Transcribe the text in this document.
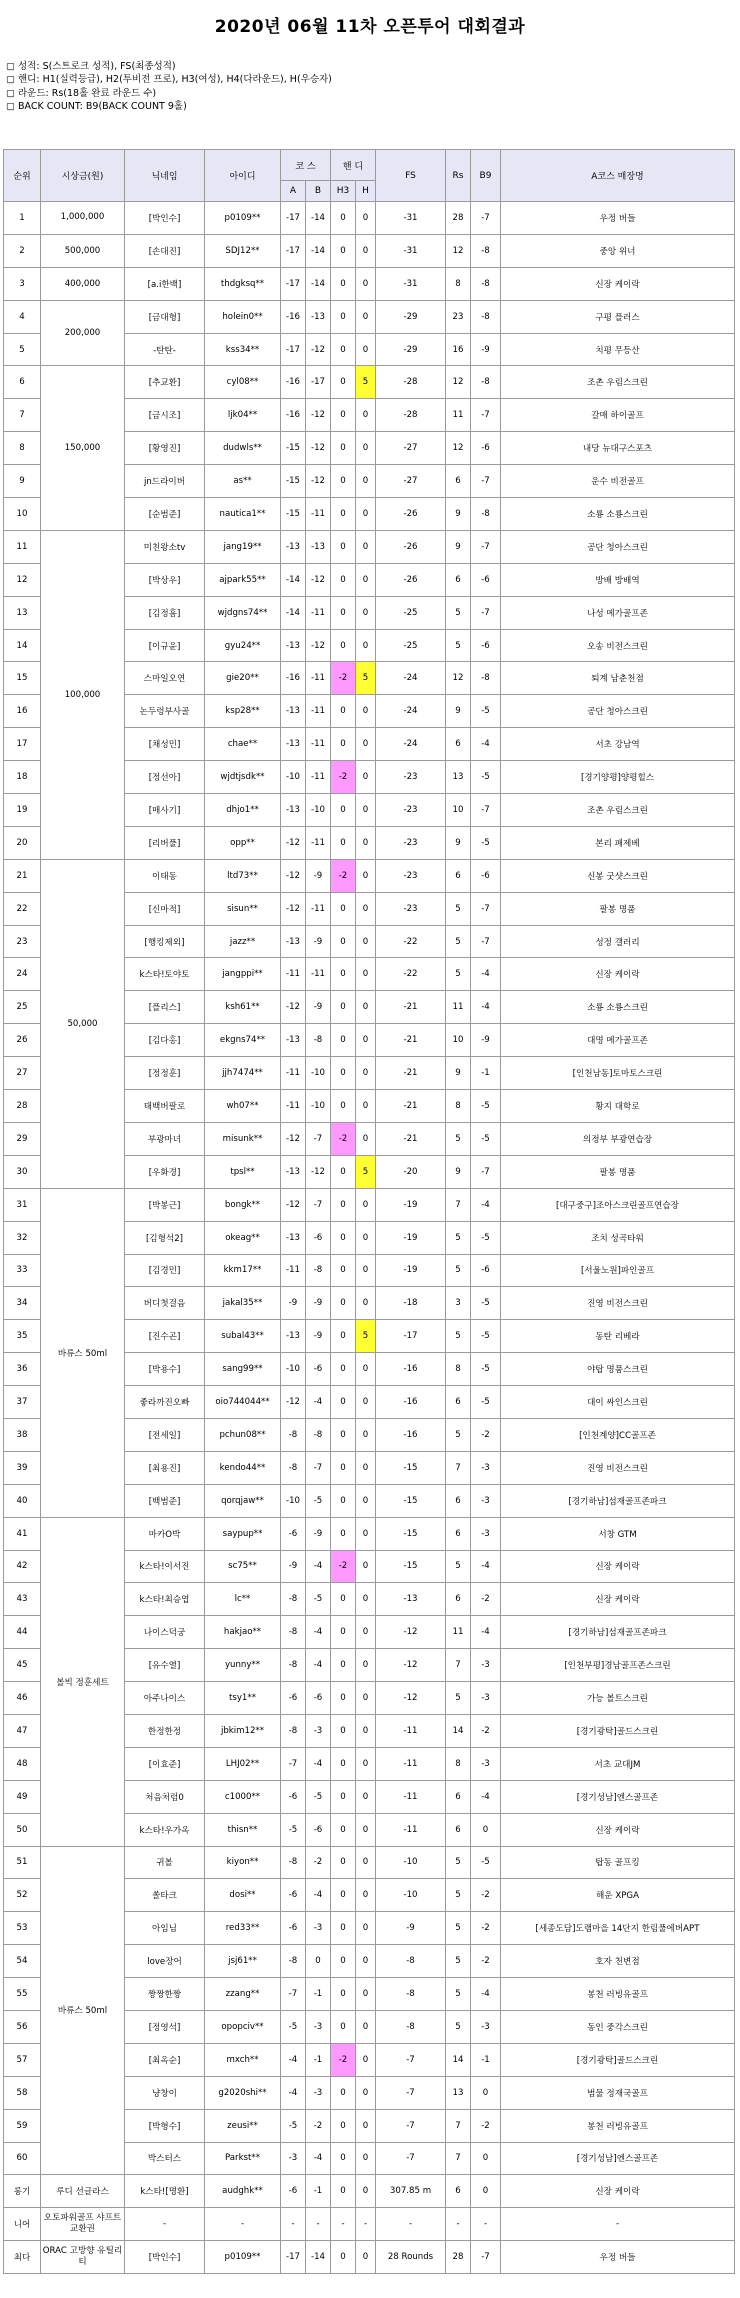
2020년 06월 11차 오픈투어 대회결과
▢ 성적: S(스트로크 성적), FS(최종성적)
▢ 핸디: H1(실력등급), H2(투비전 프로), H3(여성), H4(다라운드), H(우승자)
▢ 라운드: Rs(18홀 완료 라운드 수)
▢ BACK COUNT: B9(BACK COUNT 9홀)
순위	시상금(원)	닉네임	아이디	코 스		핸 디		FS	Rs	B9	A코스 매장명
				A	B	H3	H				
1	1,000,000	[박인수]	p0109**	-17	-14	0	0	-31	28	-7	우정 버들
2	500,000	[손대진]	SDJ12**	-17	-14	0	0	-31	12	-8	중앙 위너
3	400,000	[a.i한백]	thdgksq**	-17	-14	0	0	-31	8	-8	신장 케이락
4	200,000	[금대형]	holein0**	-16	-13	0	0	-29	23	-8	구평 플러스
5		-탄탄-	kss34**	-17	-12	0	0	-29	16	-9	치평 무등산
6	150,000	[추교환]	cyl08**	-16	-17	0	5	-28	12	-8	조촌 우림스크린
7		[금시조]	ljk04**	-16	-12	0	0	-28	11	-7	갈매 하이골프
8		[황영진]	dudwls**	-15	-12	0	0	-27	12	-6	내당 뉴대구스포츠
9		jn드라이버	as**	-15	-12	0	0	-27	6	-7	운수 비전골프
10		[순범준]	nautica1**	-15	-11	0	0	-26	9	-8	소룡 소룡스크린
11	100,000	미친왕소tv	jang19**	-13	-13	0	0	-26	9	-7	공단 청아스크린
12		[박상우]	ajpark55**	-14	-12	0	0	-26	6	-6	방배 방배역
13		[김정흠]	wjdgns74**	-14	-11	0	0	-25	5	-7	나성 메가골프존
14		[이규윤]	gyu24**	-13	-12	0	0	-25	5	-6	오송 비전스크린
15		스마일오연	gie20**	-16	-11	-2	5	-24	12	-8	퇴계 남춘천점
16		논두렁부사골	ksp28**	-13	-11	0	0	-24	9	-5	공단 청아스크린
17		[채성민]	chae**	-13	-11	0	0	-24	6	-4	서초 강남역
18		[정선아]	wjdtjsdk**	-10	-11	-2	0	-23	13	-5	[경기양평]양평힐스
19		[매사기]	dhjo1**	-13	-10	0	0	-23	10	-7	조촌 우림스크린
20		[리버풀]	opp**	-12	-11	0	0	-23	9	-5	본리 패제베
21	50,000	이태동	ltd73**	-12	-9	-2	0	-23	6	-6	신봉 굿샷스크린
22		[신마적]	sisun**	-12	-11	0	0	-23	5	-7	팔봉 명품
23		[행킹제외]	jazz**	-13	-9	0	0	-22	5	-7	성정 갤러리
24		k스타!토야토	jangppi**	-11	-11	0	0	-22	5	-4	신장 케이락
25		[플리스]	ksh61**	-12	-9	0	0	-21	11	-4	소룡 소룡스크린
26		[김다홍]	ekgns74**	-13	-8	0	0	-21	10	-9	대명 메가골프존
27		[정정훈]	jjh7474**	-11	-10	0	0	-21	9	-1	[인천남동]토마토스크린
28		태백버팔로	wh07**	-11	-10	0	0	-21	8	-5	황지 대학로
29		부광마녀	misunk**	-12	-7	-2	0	-21	5	-5	의정부 부광연습장
30		[우화경]	tpsl**	-13	-12	0	5	-20	9	-7	팔봉 명품
31	바류스 50ml	[박봉근]	bongk**	-12	-7	0	0	-19	7	-4	[대구중구]조아스크린골프연습장
32		[김형석2]	okeag**	-13	-6	0	0	-19	5	-5	조치 성곡타워
33		[김경민]	kkm17**	-11	-8	0	0	-19	5	-6	[서울노원]파인골프
34		버디첫걸음	jakal35**	-9	-9	0	0	-18	3	-5	진영 비전스크린
35		[진수곤]	subal43**	-13	-9	0	5	-17	5	-5	동탄 리베라
36		[박용수]	sang99**	-10	-6	0	0	-16	8	-5	야탑 명품스크린
37		좋라까진오빠	oio744044**	-12	-4	0	0	-16	6	-5	대이 싸인스크린
38		[전세일]	pchun08**	-8	-8	0	0	-16	5	-2	[인천계양]CC골프존
39		[최용진]	kendo44**	-8	-7	0	0	-15	7	-3	진영 비전스크린
40		[백범준]	qorqjaw**	-10	-5	0	0	-15	6	-3	[경기하남]섬재골프존파크
41	볼빅 정훈세트	마카O박	saypup**	-6	-9	0	0	-15	6	-3	서창 GTM
42		k스타!이서진	sc75**	-9	-4	-2	0	-15	5	-4	신장 케이락
43		k스타!최승엽	lc**	-8	-5	0	0	-13	6	-2	신장 케이락
44		나이스덕궁	hakjao**	-8	-4	0	0	-12	11	-4	[경기하남]섬재골프존파크
45		[유수열]	yunny**	-8	-4	0	0	-12	7	-3	[인천부평]경남골프존스크린
46		아주나이스	tsy1**	-6	-6	0	0	-12	5	-3	가능 볼트스크린
47		한정한정	jbkim12**	-8	-3	0	0	-11	14	-2	[경기광탁]골드스크린
48		[이효준]	LHJ02**	-7	-4	0	0	-11	8	-3	서초 교대JM
49		처음처럼0	c1000**	-6	-5	0	0	-11	6	-4	[경기성남]엔스골프존
50		k스타!우가옥	thisn**	-5	-6	0	0	-11	6	0	신장 케이락
51	바류스 50ml	귀볼	kiyon**	-8	-2	0	0	-10	5	-5	탑동 골프킹
52		쏠타크	dosi**	-6	-4	0	0	-10	5	-2	해운 XPGA
53		아임님	red33**	-6	-3	0	0	-9	5	-2	[세종도담]도램마을 14단지 한림풀에버APT
54		love장어	jsj61**	-8	0	0	0	-8	5	-2	호자 천변점
55		짱짱한짱	zzang**	-7	-1	0	0	-8	5	-4	봉천 러빙유골프
56		[정영석]	opopciv**	-5	-3	0	0	-8	5	-3	동인 중각스크린
57		[최옥순]	mxch**	-4	-1	-2	0	-7	14	-1	[경기광탁]골드스크린
58		냥창이	g2020shi**	-4	-3	0	0	-7	13	0	범물 정재국골프
59		[박형수]	zeusi**	-5	-2	0	0	-7	7	-2	봉천 러빙유골프
60		박스터스	Parkst**	-3	-4	0	0	-7	7	0	[경기성남]엔스골프존
롱기	루디 선글라스	k스타![명환]	audghk**	-6	-1	0	0	307.85 m	6	0	신장 케이락
니어	오토파워골프 샤프트교환권	-	-	-	-	-	-	-	-	-	-
최다	ORAC 고방향 유틸리티	[박인수]	p0109**	-17	-14	0	0	28 Rounds	28	-7	우정 버들
